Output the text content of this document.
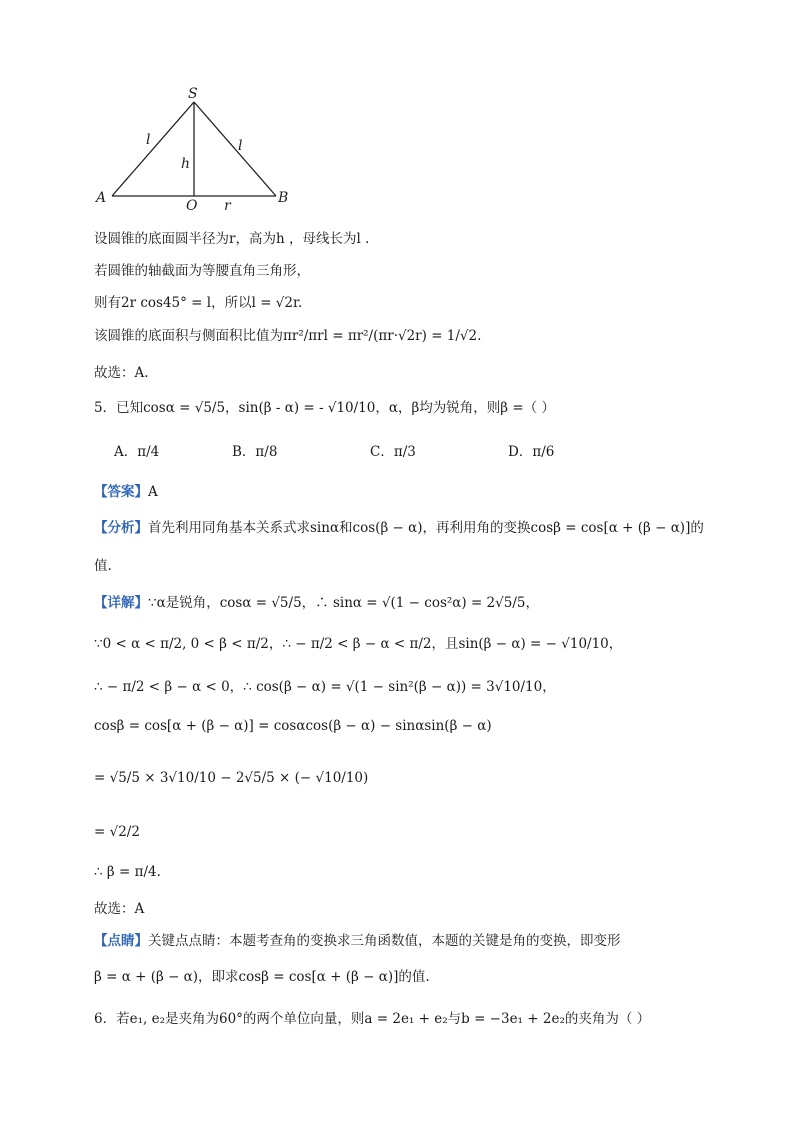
S
A	B
O
l	l
h
r
设圆锥的底面圆半径为r，高为h ，母线长为l .
若圆锥的轴截面为等腰直角三角形，
则有2r cos45° = l，所以l = √2r.
该圆锥的底面积与侧面积比值为πr²/πrl = πr²/(πr·√2r) = 1/√2.
故选：A.
5．已知cosα = √5/5，sin(β - α) = - √10/10，α，β均为锐角，则β =（ ）
A．π/4	B．π/8	C．π/3	D．π/6
【答案】A
【分析】首先利用同角基本关系式求sinα和cos(β − α)，再利用角的变换cosβ = cos[α + (β − α)]的
值.
【详解】∵α是锐角，cosα = √5/5，∴ sinα = √(1 − cos²α) = 2√5/5，
∵0 < α < π/2, 0 < β < π/2，∴ − π/2 < β − α < π/2，且sin(β − α) = − √10/10，
∴ − π/2 < β − α < 0，∴ cos(β − α) = √(1 − sin²(β − α)) = 3√10/10，
cosβ = cos[α + (β − α)] = cosαcos(β − α) − sinαsin(β − α)
= √5/5 × 3√10/10 − 2√5/5 × (− √10/10)
= √2/2
∴ β = π/4.
故选：A
【点睛】关键点点睛：本题考查角的变换求三角函数值，本题的关键是角的变换，即变形
β = α + (β − α)，即求cosβ = cos[α + (β − α)]的值.
6．若e₁, e₂是夹角为60°的两个单位向量，则a = 2e₁ + e₂与b = −3e₁ + 2e₂的夹角为（ ）
